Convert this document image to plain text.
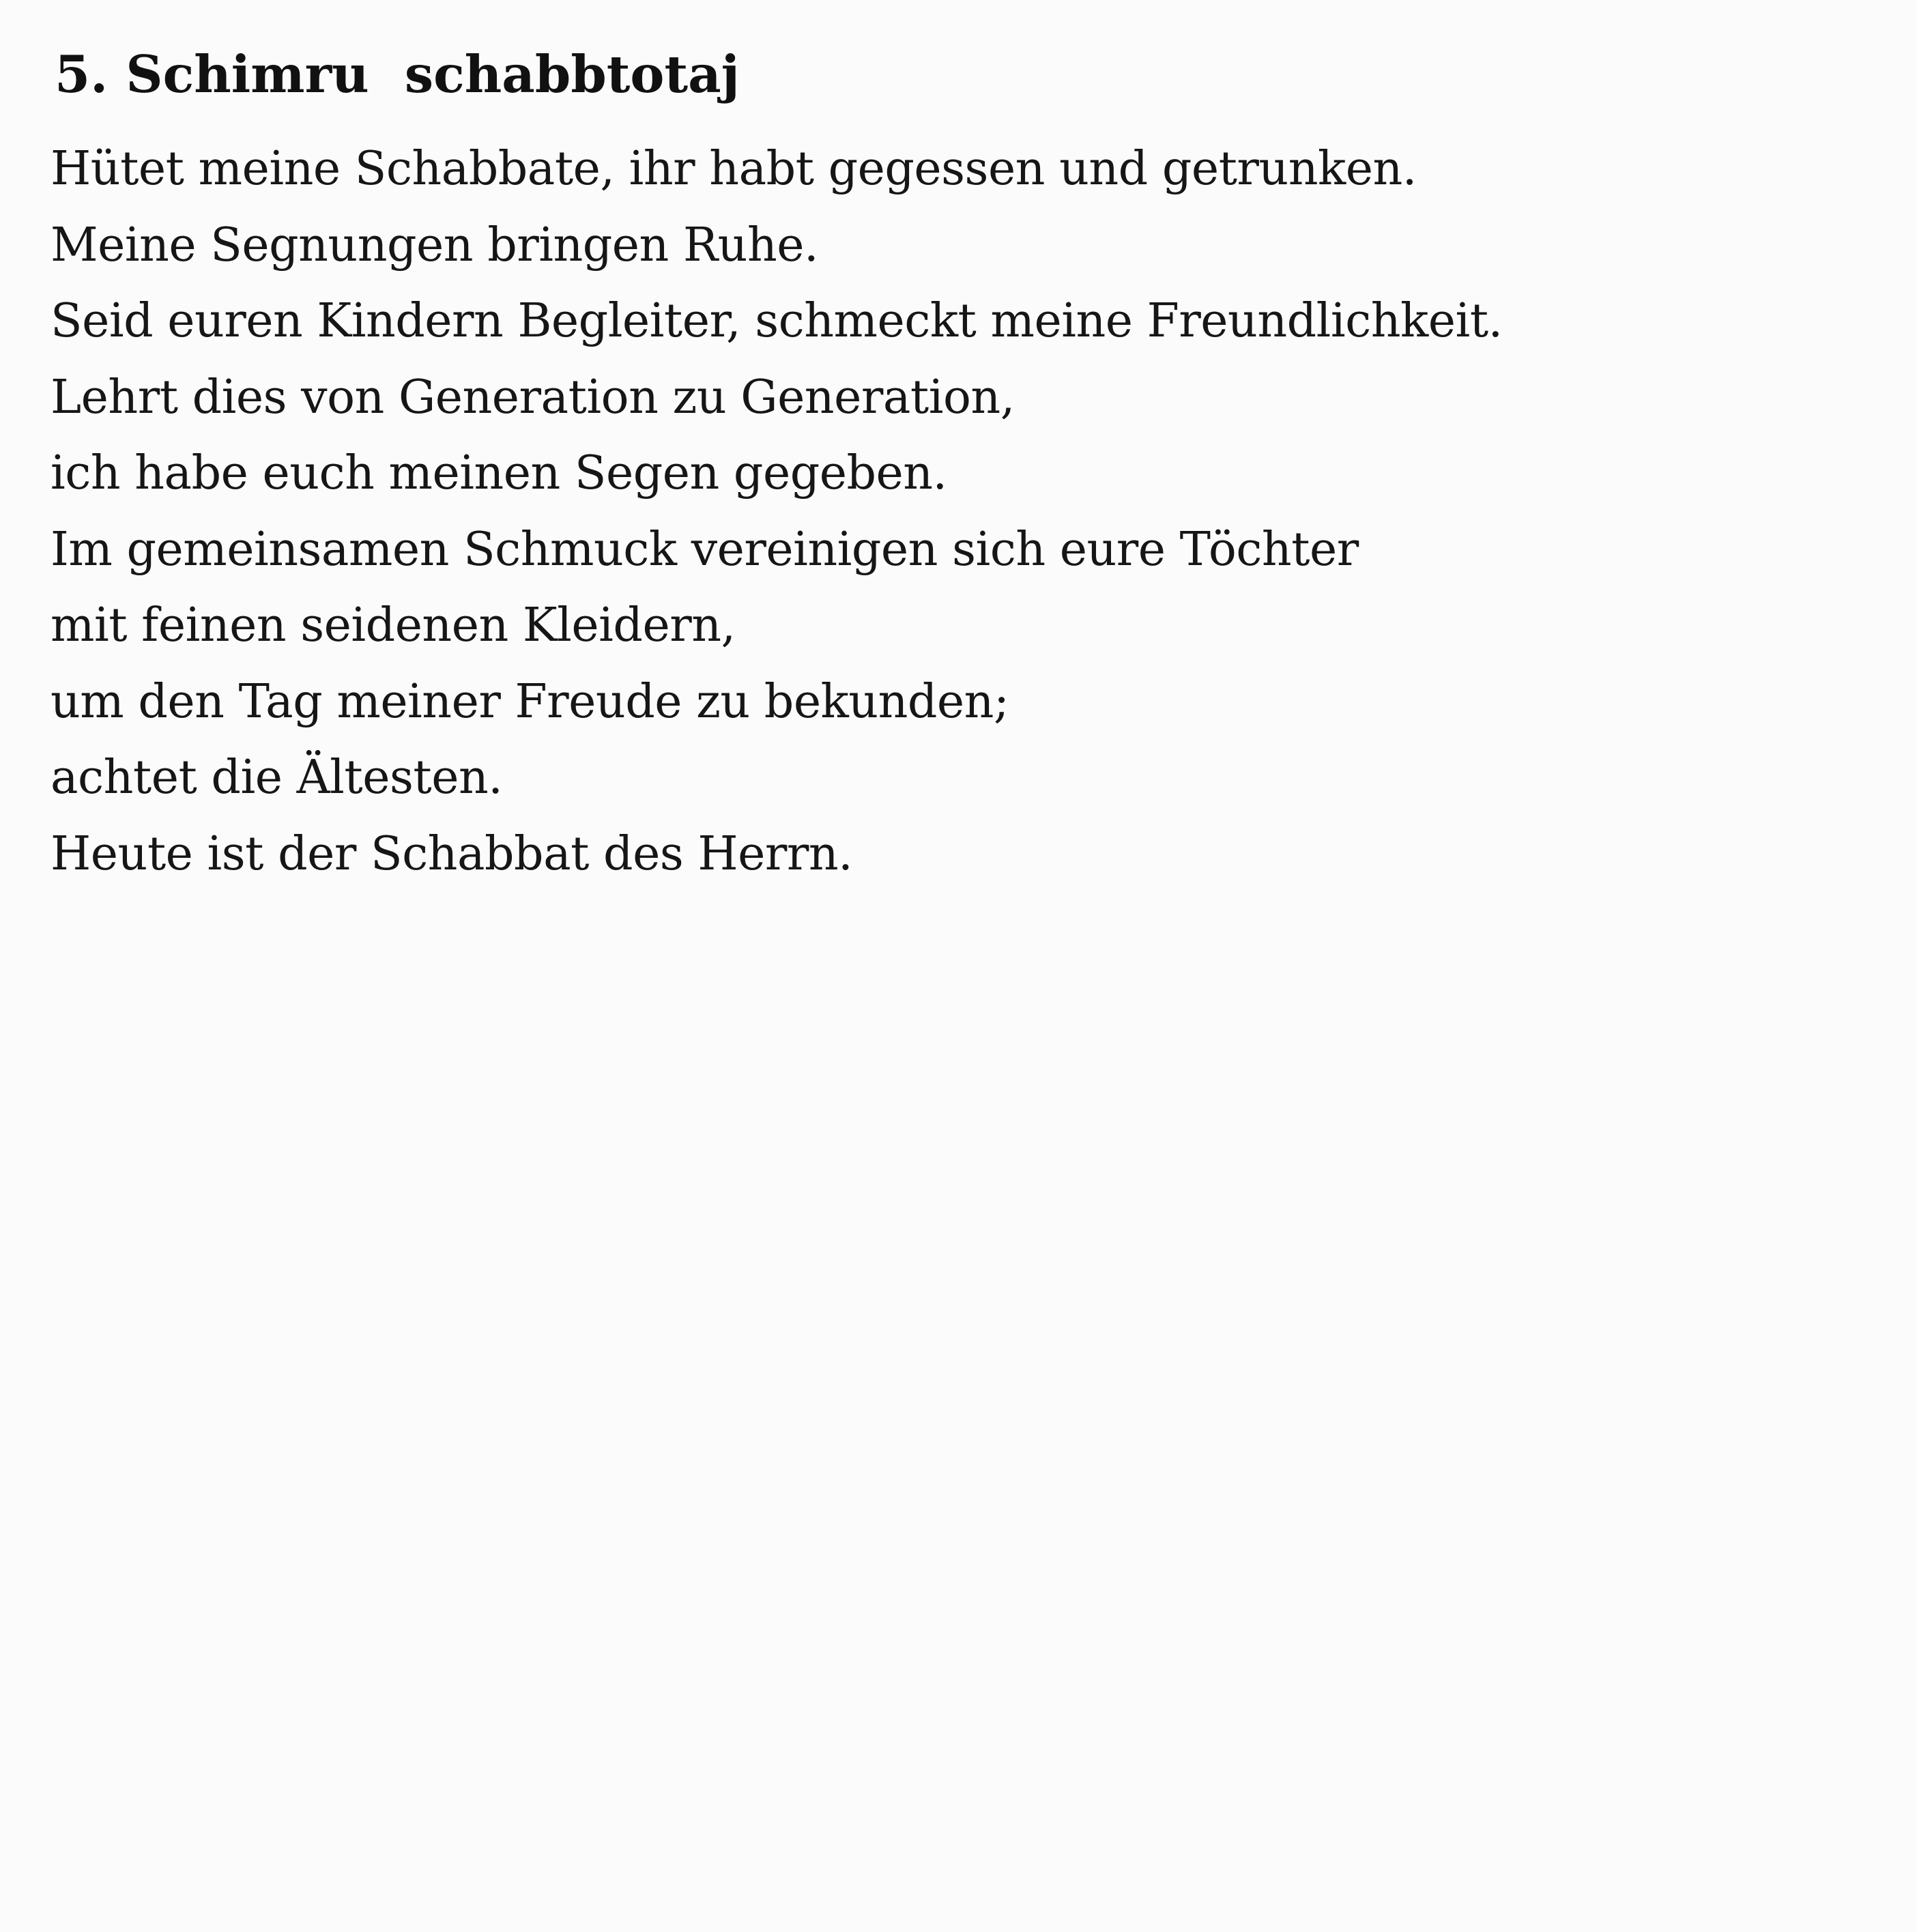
5. Schimru  schabbtotaj
Hütet meine Schabbate, ihr habt gegessen und getrunken.
Meine Segnungen bringen Ruhe.
Seid euren Kindern Begleiter, schmeckt meine Freundlichkeit.
Lehrt dies von Generation zu Generation,
ich habe euch meinen Segen gegeben.
Im gemeinsamen Schmuck vereinigen sich eure Töchter
mit feinen seidenen Kleidern,
um den Tag meiner Freude zu bekunden;
achtet die Ältesten.
Heute ist der Schabbat des Herrn.
